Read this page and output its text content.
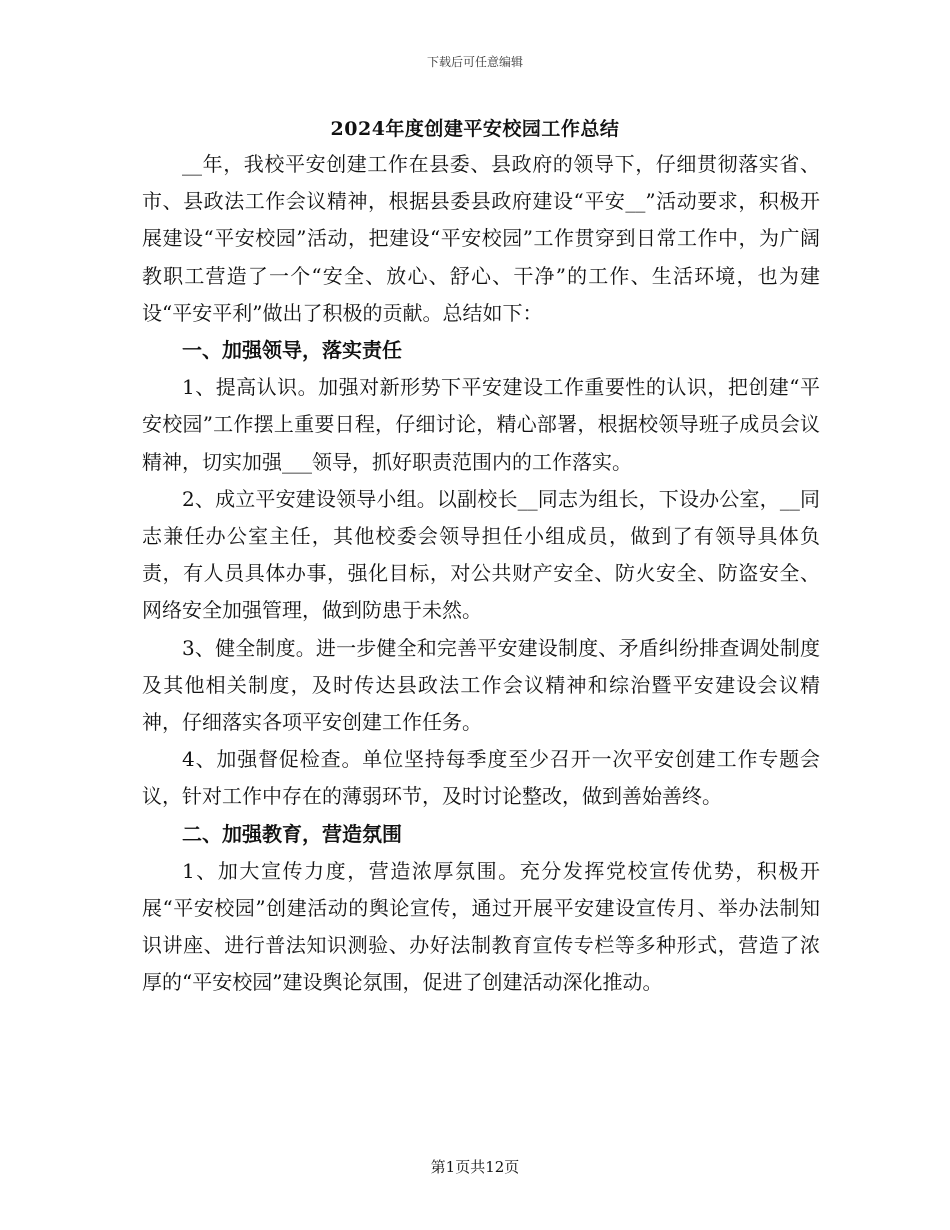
下载后可任意编辑
2024年度创建平安校园工作总结

__年，我校平安创建工作在县委、县政府的领导下，仔细贯彻落实省、市、县政法工作会议精神，根据县委县政府建设“平安__”活动要求，积极开展建设“平安校园”活动，把建设“平安校园”工作贯穿到日常工作中，为广阔教职工营造了一个“安全、放心、舒心、干净”的工作、生活环境，也为建设“平安平利”做出了积极的贡献。总结如下：

一、加强领导，落实责任

1、提高认识。加强对新形势下平安建设工作重要性的认识，把创建“平安校园”工作摆上重要日程，仔细讨论，精心部署，根据校领导班子成员会议精神，切实加强___领导，抓好职责范围内的工作落实。

2、成立平安建设领导小组。以副校长__同志为组长，下设办公室，__同志兼任办公室主任，其他校委会领导担任小组成员，做到了有领导具体负责，有人员具体办事，强化目标，对公共财产安全、防火安全、防盗安全、网络安全加强管理，做到防患于未然。

3、健全制度。进一步健全和完善平安建设制度、矛盾纠纷排查调处制度及其他相关制度，及时传达县政法工作会议精神和综治暨平安建设会议精神，仔细落实各项平安创建工作任务。

4、加强督促检查。单位坚持每季度至少召开一次平安创建工作专题会议，针对工作中存在的薄弱环节，及时讨论整改，做到善始善终。

二、加强教育，营造氛围

1、加大宣传力度，营造浓厚氛围。充分发挥党校宣传优势，积极开展“平安校园”创建活动的舆论宣传，通过开展平安建设宣传月、举办法制知识讲座、进行普法知识测验、办好法制教育宣传专栏等多种形式，营造了浓厚的“平安校园”建设舆论氛围，促进了创建活动深化推动。

第1页共12页
